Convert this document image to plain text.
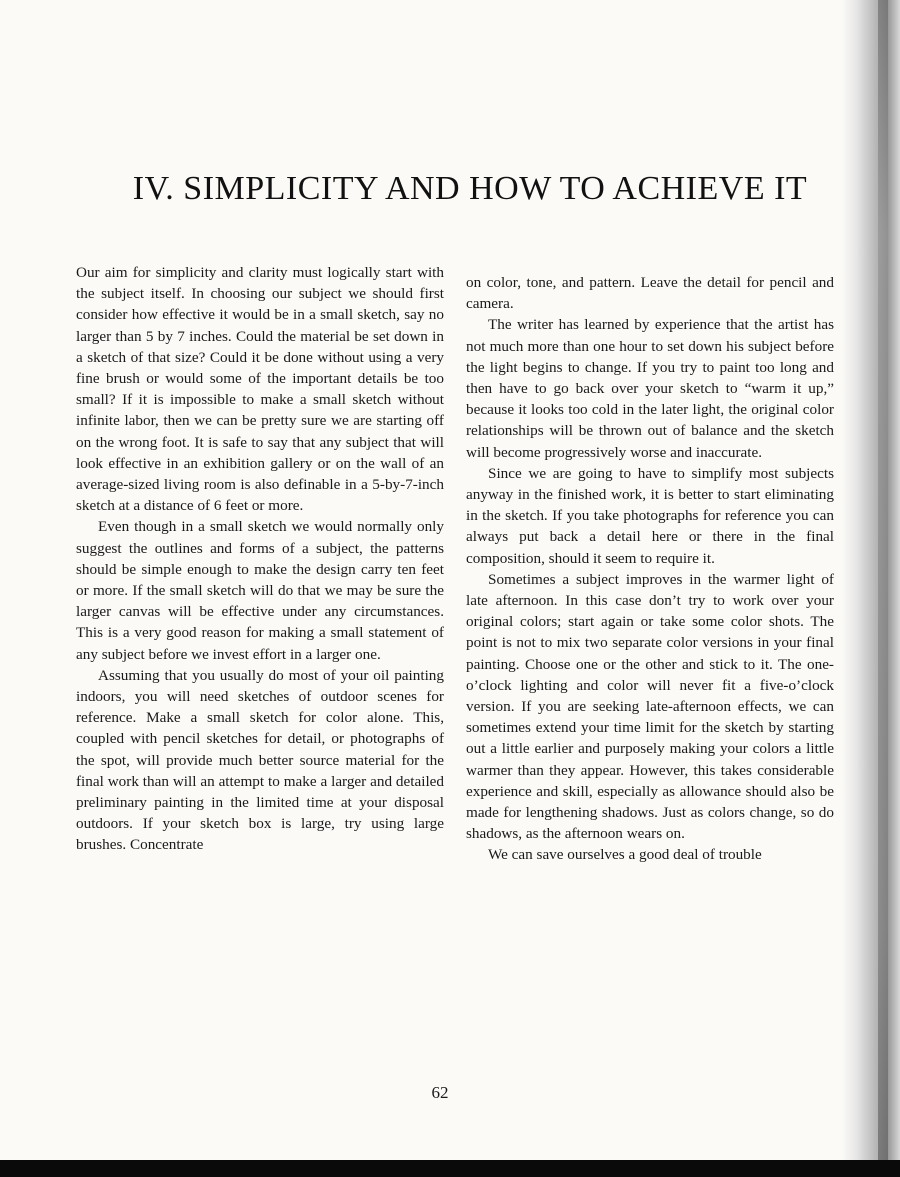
IV. SIMPLICITY AND HOW TO ACHIEVE IT

Our aim for simplicity and clarity must logically start with the subject itself. In choosing our subject we should first consider how effective it would be in a small sketch, say no larger than 5 by 7 inches. Could the material be set down in a sketch of that size? Could it be done without using a very fine brush or would some of the important details be too small? If it is impossible to make a small sketch without infinite labor, then we can be pretty sure we are starting off on the wrong foot. It is safe to say that any subject that will look effective in an exhibition gallery or on the wall of an average-sized living room is also definable in a 5-by-7-inch sketch at a distance of 6 feet or more.

Even though in a small sketch we would normally only suggest the outlines and forms of a subject, the patterns should be simple enough to make the design carry ten feet or more. If the small sketch will do that we may be sure the larger canvas will be effective under any circumstances. This is a very good reason for making a small statement of any subject before we invest effort in a larger one.

Assuming that you usually do most of your oil painting indoors, you will need sketches of outdoor scenes for reference. Make a small sketch for color alone. This, coupled with pencil sketches for detail, or photographs of the spot, will provide much better source material for the final work than will an attempt to make a larger and detailed preliminary painting in the limited time at your disposal outdoors. If your sketch box is large, try using large brushes. Concentrate

on color, tone, and pattern. Leave the detail for pencil and camera.

The writer has learned by experience that the artist has not much more than one hour to set down his subject before the light begins to change. If you try to paint too long and then have to go back over your sketch to “warm it up,” because it looks too cold in the later light, the original color relationships will be thrown out of balance and the sketch will become progressively worse and inaccurate.

Since we are going to have to simplify most subjects anyway in the finished work, it is better to start eliminating in the sketch. If you take photographs for reference you can always put back a detail here or there in the final composition, should it seem to require it.

Sometimes a subject improves in the warmer light of late afternoon. In this case don’t try to work over your original colors; start again or take some color shots. The point is not to mix two separate color versions in your final painting. Choose one or the other and stick to it. The one-o’clock lighting and color will never fit a five-o’clock version. If you are seeking late-afternoon effects, we can sometimes extend your time limit for the sketch by starting out a little earlier and purposely making your colors a little warmer than they appear. However, this takes considerable experience and skill, especially as allowance should also be made for lengthening shadows. Just as colors change, so do shadows, as the afternoon wears on.

We can save ourselves a good deal of trouble

62
